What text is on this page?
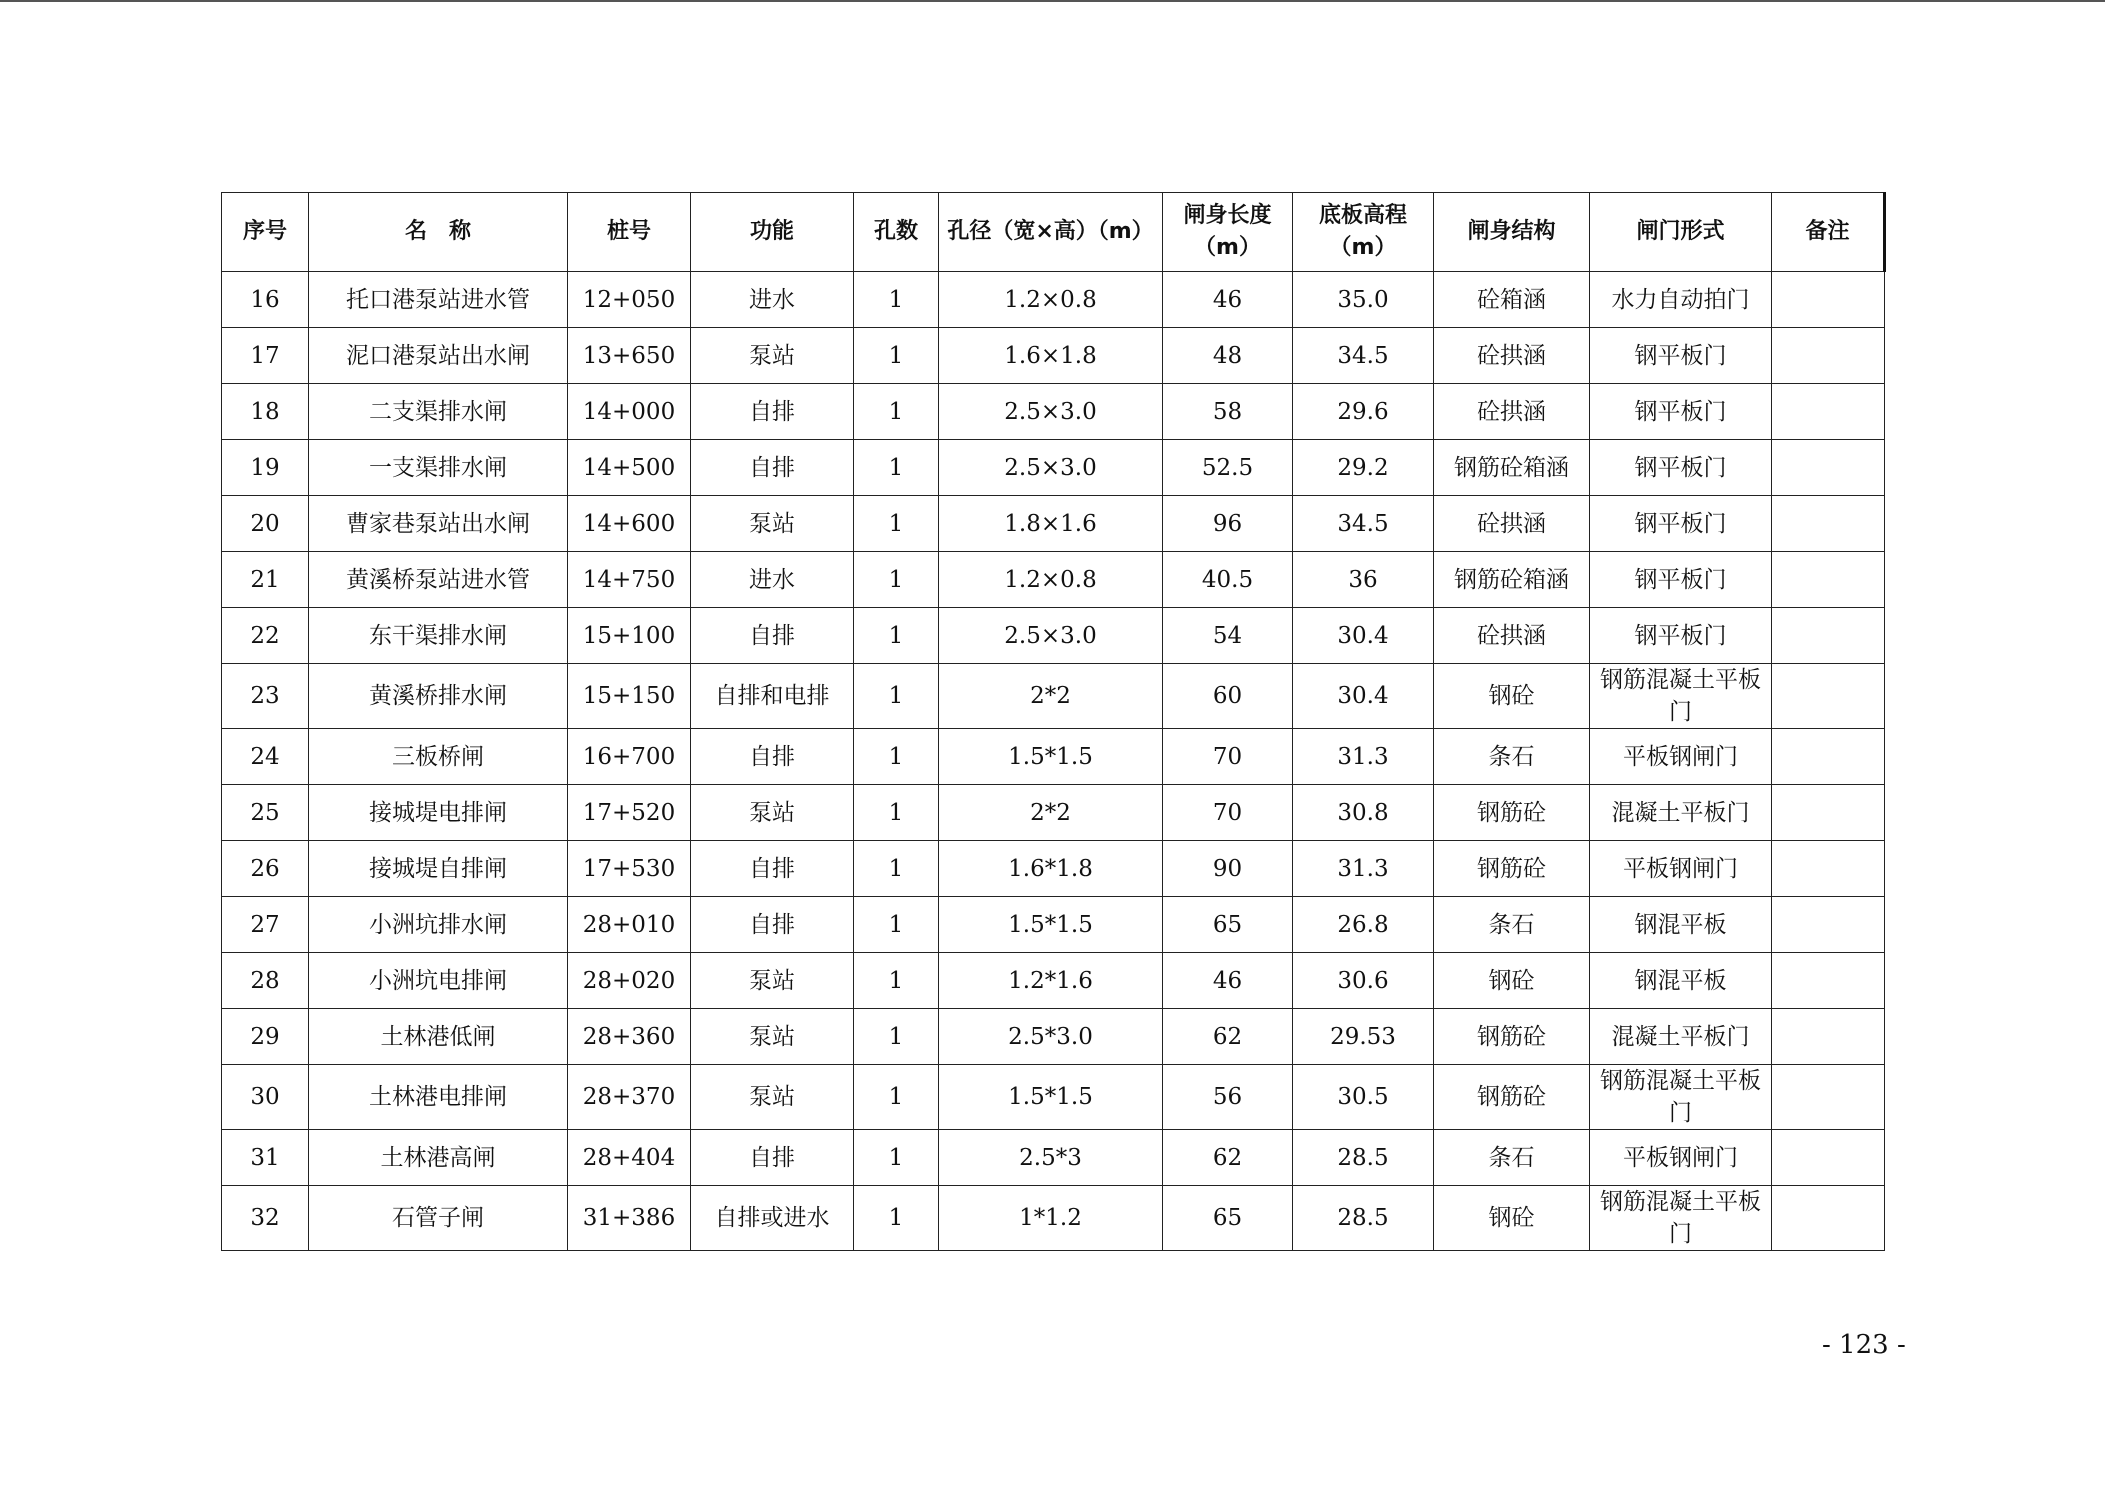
序号	名　称	桩号	功能	孔数	孔径（宽×高）（m）	闸身长度（m）	底板高程（m）	闸身结构	闸门形式	备注
16	托口港泵站进水管	12+050	进水	1	1.2×0.8	46	35.0	砼箱涵	水力自动拍门	
17	泥口港泵站出水闸	13+650	泵站	1	1.6×1.8	48	34.5	砼拱涵	钢平板门	
18	二支渠排水闸	14+000	自排	1	2.5×3.0	58	29.6	砼拱涵	钢平板门	
19	一支渠排水闸	14+500	自排	1	2.5×3.0	52.5	29.2	钢筋砼箱涵	钢平板门	
20	曹家巷泵站出水闸	14+600	泵站	1	1.8×1.6	96	34.5	砼拱涵	钢平板门	
21	黄溪桥泵站进水管	14+750	进水	1	1.2×0.8	40.5	36	钢筋砼箱涵	钢平板门	
22	东干渠排水闸	15+100	自排	1	2.5×3.0	54	30.4	砼拱涵	钢平板门	
23	黄溪桥排水闸	15+150	自排和电排	1	2*2	60	30.4	钢砼	钢筋混凝土平板门	
24	三板桥闸	16+700	自排	1	1.5*1.5	70	31.3	条石	平板钢闸门	
25	接城堤电排闸	17+520	泵站	1	2*2	70	30.8	钢筋砼	混凝土平板门	
26	接城堤自排闸	17+530	自排	1	1.6*1.8	90	31.3	钢筋砼	平板钢闸门	
27	小洲坑排水闸	28+010	自排	1	1.5*1.5	65	26.8	条石	钢混平板	
28	小洲坑电排闸	28+020	泵站	1	1.2*1.6	46	30.6	钢砼	钢混平板	
29	土林港低闸	28+360	泵站	1	2.5*3.0	62	29.53	钢筋砼	混凝土平板门	
30	土林港电排闸	28+370	泵站	1	1.5*1.5	56	30.5	钢筋砼	钢筋混凝土平板门	
31	土林港高闸	28+404	自排	1	2.5*3	62	28.5	条石	平板钢闸门	
32	石管子闸	31+386	自排或进水	1	1*1.2	65	28.5	钢砼	钢筋混凝土平板门	
- 123 -
